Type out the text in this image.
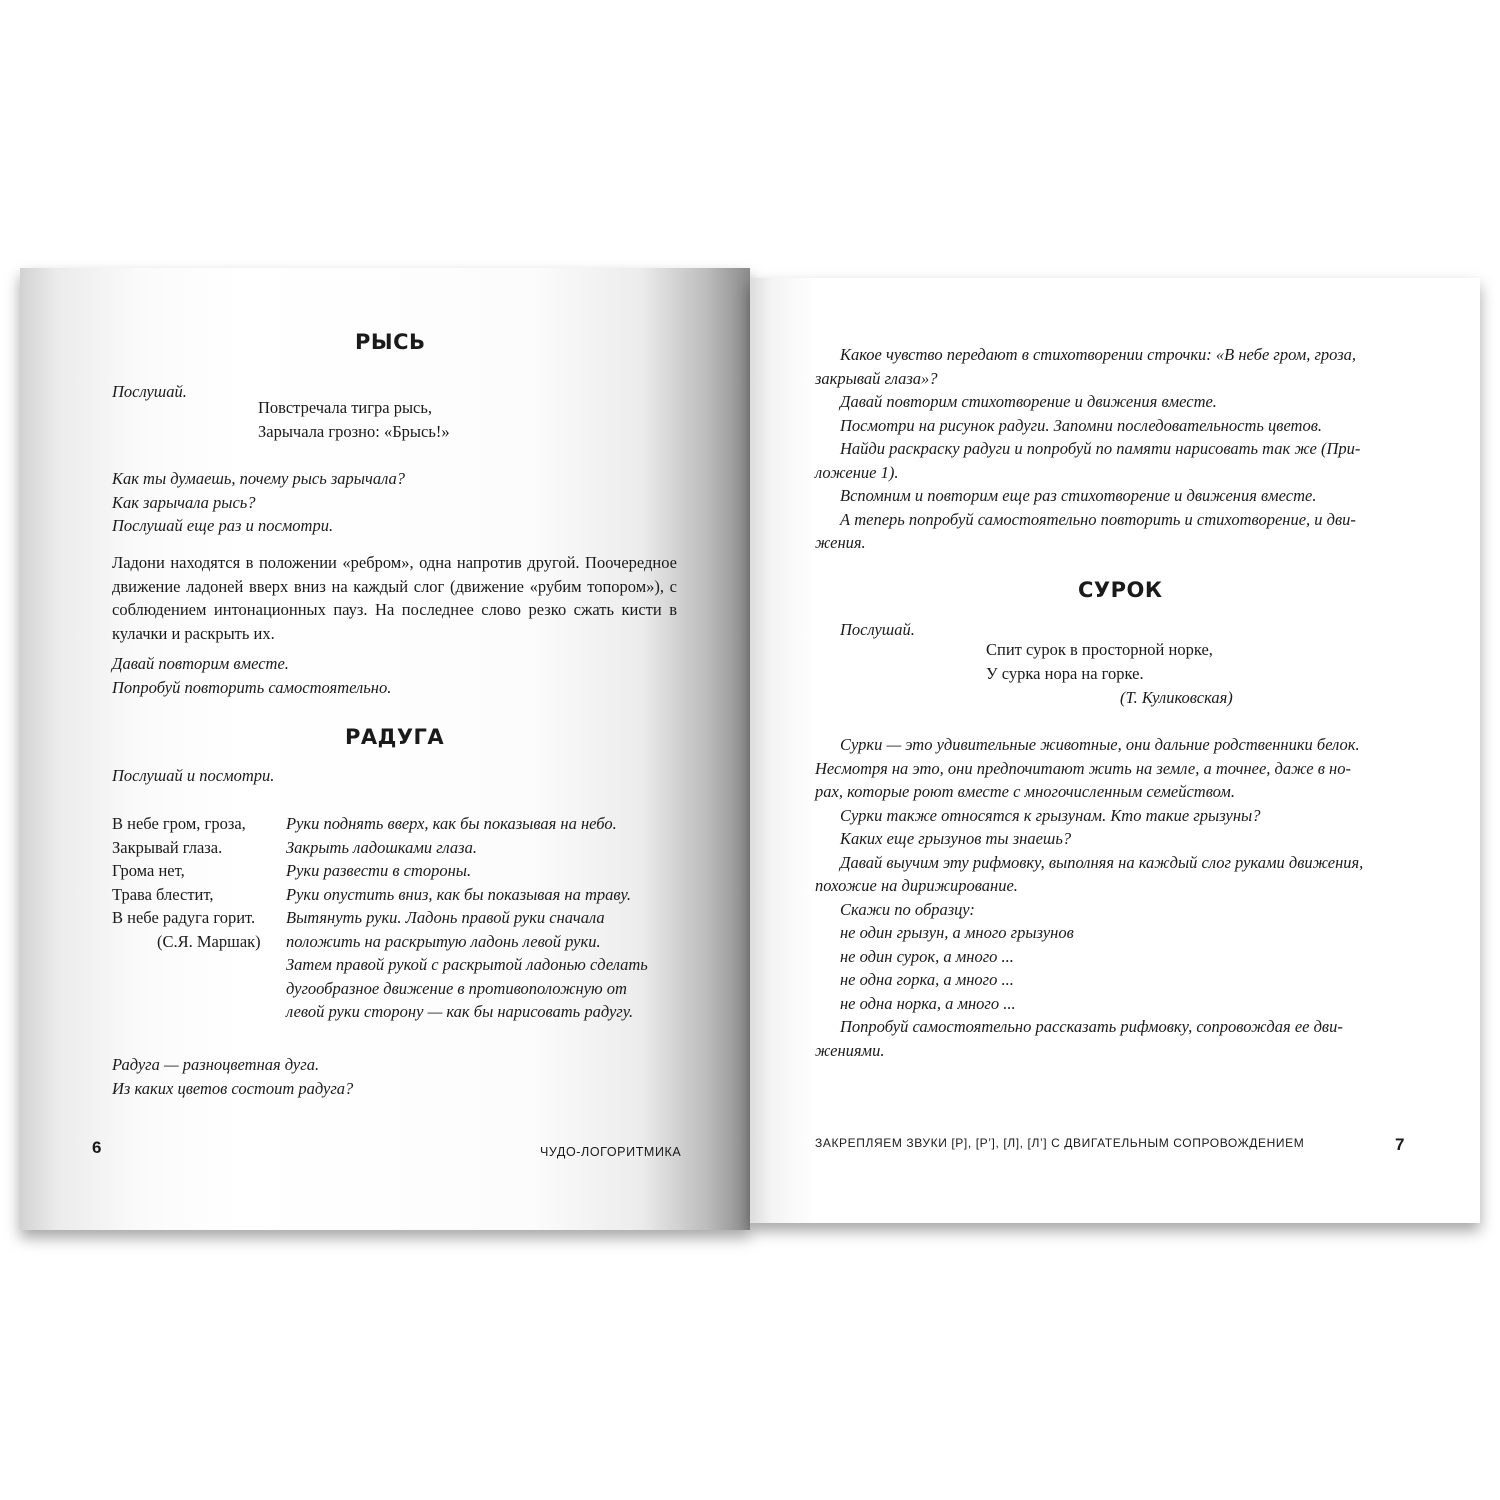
РЫСЬ

Послушай.

Повстречала тигра рысь,
Зарычала грозно: «Брысь!»
Как ты думаешь, почему рысь зарычала?
Как зарычала рысь?
Послушай еще раз и посмотри.

Ладони находятся в положении «ребром», одна напротив другой. Поочередное движение ладоней вверх вниз на каждый слог (движение «рубим топором»), с соблюдением интонационных пауз. На последнее слово резко сжать кисти в кулачки и раскрыть их.

Давай повторим вместе.
Попробуй повторить самостоятельно.
РАДУГА

Послушай и посмотри.

В небе гром, гроза,
Закрывай глаза.
Грома нет,
Трава блестит,
В небе радуга горит.
(С.Я. Маршак)
Руки поднять вверх, как бы показывая на небо.
Закрыть ладошками глаза.
Руки развести в стороны.
Руки опустить вниз, как бы показывая на траву.
Вытянуть руки. Ладонь правой руки сначала
положить на раскрытую ладонь левой руки.
Затем правой рукой с раскрытой ладонью сделать
дугообразное движение в противоположную от
левой руки сторону — как бы нарисовать радугу.
Радуга — разноцветная дуга.
Из каких цветов состоит радуга?
6	ЧУДО-ЛОГОРИТМИКА
Какое чувство передают в стихотворении строчки: «В небе гром, гроза,
закрывай глаза»?
Давай повторим стихотворение и движения вместе.
Посмотри на рисунок радуги. Запомни последовательность цветов.
Найди раскраску радуги и попробуй по памяти нарисовать так же (При-
ложение 1).
Вспомним и повторим еще раз стихотворение и движения вместе.
А теперь попробуй самостоятельно повторить и стихотворение, и дви-
жения.
СУРОК

Послушай.

Спит сурок в просторной норке,
У сурка нора на горке.

(Т. Куликовская)

Сурки — это удивительные животные, они дальние родственники белок.
Несмотря на это, они предпочитают жить на земле, а точнее, даже в но-
рах, которые роют вместе с многочисленным семейством.
Сурки также относятся к грызунам. Кто такие грызуны?
Каких еще грызунов ты знаешь?
Давай выучим эту рифмовку, выполняя на каждый слог руками движения,
похожие на дирижирование.
Скажи по образцу:
не один грызун, а много грызунов
не один сурок, а много ...
не одна горка, а много ...
не одна норка, а много ...
Попробуй самостоятельно рассказать рифмовку, сопровождая ее дви-
жениями.
ЗАКРЕПЛЯЕМ ЗВУКИ [Р], [Р’], [Л], [Л’] С ДВИГАТЕЛЬНЫМ СОПРОВОЖДЕНИЕМ	7
